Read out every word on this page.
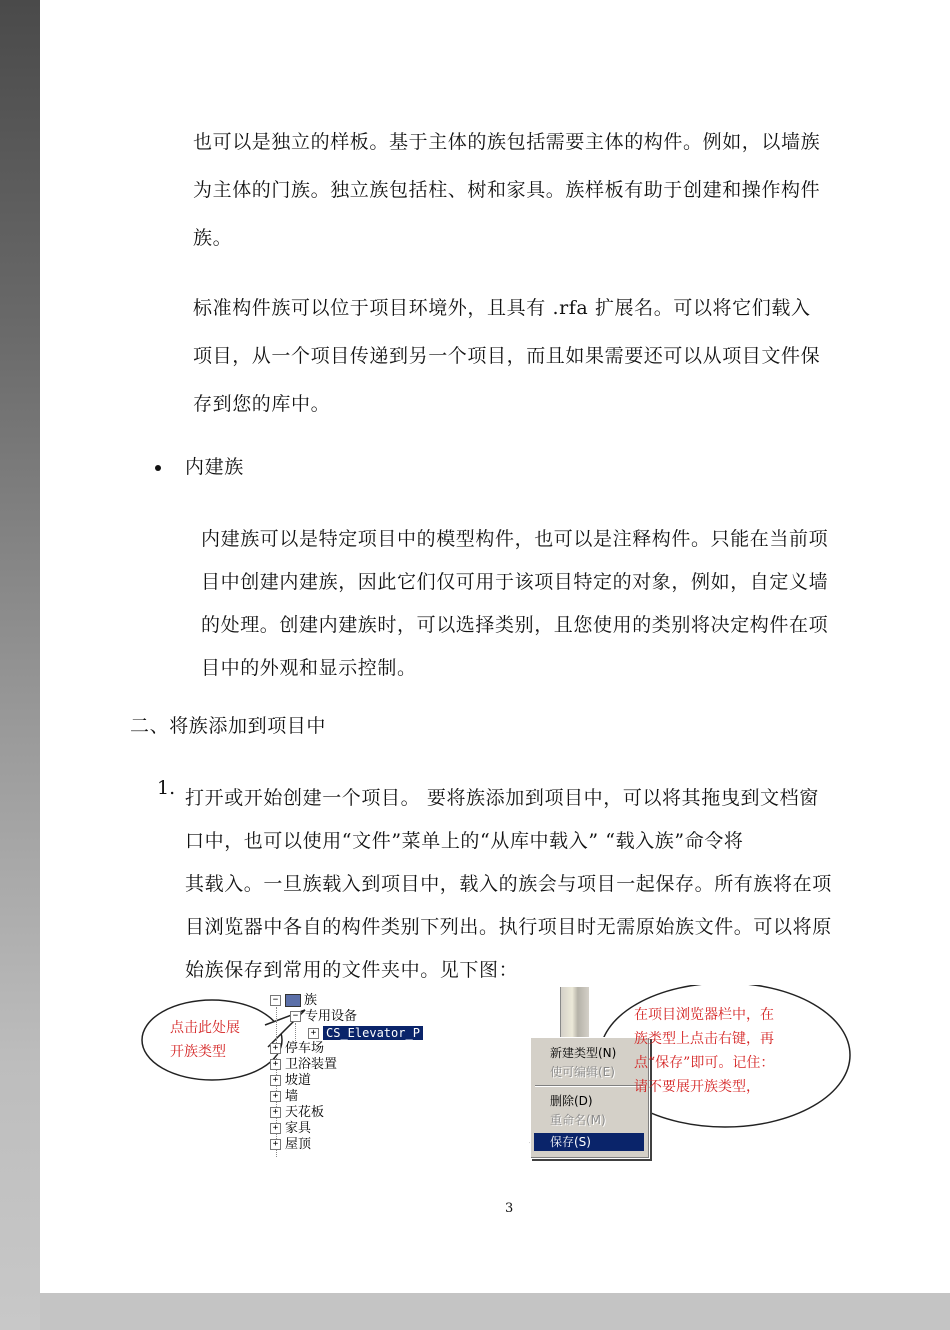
也可以是独立的样板。基于主体的族包括需要主体的构件。例如，以墙族
为主体的门族。独立族包括柱、树和家具。族样板有助于创建和操作构件
族。
标准构件族可以位于项目环境外，且具有 .rfa 扩展名。可以将它们载入
项目，从一个项目传递到另一个项目，而且如果需要还可以从项目文件保
存到您的库中。
内建族
内建族可以是特定项目中的模型构件，也可以是注释构件。只能在当前项
目中创建内建族，因此它们仅可用于该项目特定的对象，例如，自定义墙
的处理。创建内建族时，可以选择类别，且您使用的类别将决定构件在项
目中的外观和显示控制。
二、将族添加到项目中
1. 打开或开始创建一个项目。 要将族添加到项目中，可以将其拖曳到文档窗
口中，也可以使用“文件”菜单上的“从库中载入” “载入族”命令将
其载入。一旦族载入到项目中，载入的族会与项目一起保存。所有族将在项
目浏览器中各自的构件类别下列出。执行项目时无需原始族文件。可以将原
始族保存到常用的文件夹中。见下图：
− 族
− 专用设备
+ CS_Elevator_P
+ 停车场
+ 卫浴装置
+ 坡道
+ 墙
+ 天花板
+ 家具
+ 屋顶
新建类型(N)
使可编辑(E)
删除(D)
重命名(M)
保存(S)
点击此处展
开族类型
在项目浏览器栏中，在
族类型上点击右键，再
点“保存”即可。记住：
请不要展开族类型，
3
